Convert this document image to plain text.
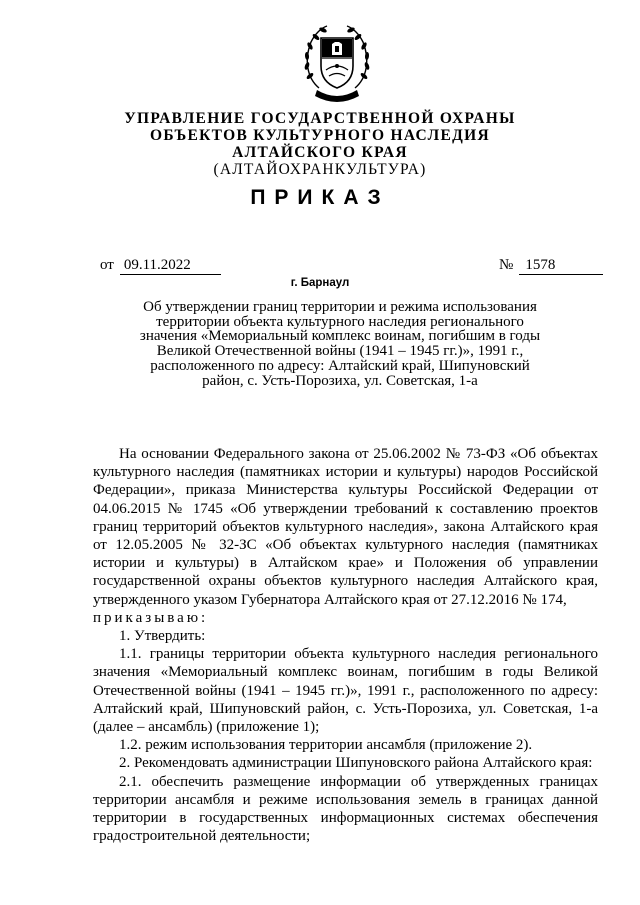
УПРАВЛЕНИЕ ГОСУДАРСТВЕННОЙ ОХРАНЫ
ОБЪЕКТОВ КУЛЬТУРНОГО НАСЛЕДИЯ
АЛТАЙСКОГО КРАЯ
(АЛТАЙОХРАНКУЛЬТУРА)
ПРИКАЗ
от 09.11.2022	№ 1578
г. Барнаул
Об утверждении границ территории и режима использования
территории объекта культурного наследия регионального
значения «Мемориальный комплекс воинам, погибшим в годы
Великой Отечественной войны (1941 – 1945 гг.)», 1991 г.,
расположенного по адресу: Алтайский край, Шипуновский
район, с. Усть-Порозиха, ул. Советская, 1-а

На основании Федерального закона от 25.06.2002 № 73-ФЗ «Об объектах культурного наследия (памятниках истории и культуры) народов Российской Федерации», приказа Министерства культуры Российской Федерации от 04.06.2015 № 1745 «Об утверждении требований к составлению проектов границ территорий объектов культурного наследия», закона Алтайского края от 12.05.2005 № 32-ЗС «Об объектах культурного наследия (памятниках истории и культуры) в Алтайском крае» и Положения об управлении государственной охраны объектов культурного наследия Алтайского края, утвержденного указом Губернатора Алтайского края от 27.12.2016 № 174,

приказываю:

1. Утвердить:

1.1. границы территории объекта культурного наследия регионального значения «Мемориальный комплекс воинам, погибшим в годы Великой Отечественной войны (1941 – 1945 гг.)», 1991 г., расположенного по адресу: Алтайский край, Шипуновский район, с. Усть-Порозиха, ул. Советская, 1-а (далее – ансамбль) (приложение 1);

1.2. режим использования территории ансамбля (приложение 2).

2. Рекомендовать администрации Шипуновского района Алтайского края:

2.1. обеспечить размещение информации об утвержденных границах территории ансамбля и режиме использования земель в границах данной территории в государственных информационных системах обеспечения градостроительной деятельности;
